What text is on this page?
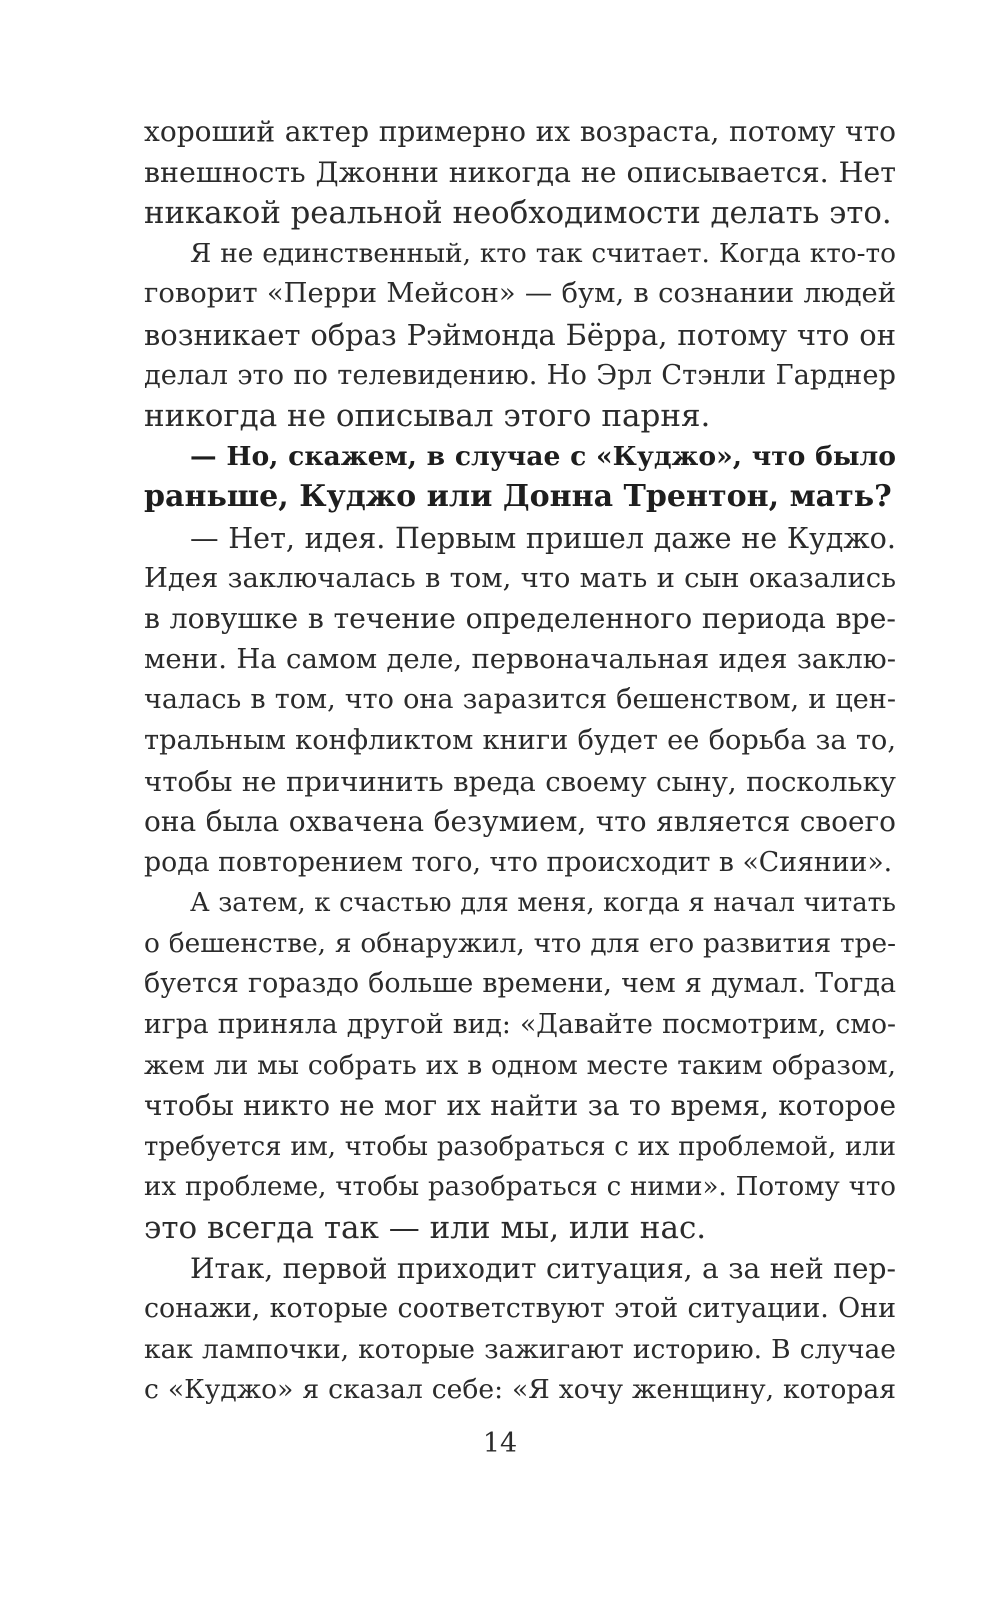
хороший актер примерно их возраста, потому что
внешность Джонни никогда не описывается. Нет
никакой реальной необходимости делать это.
Я не единственный, кто так считает. Когда кто-то
говорит «Перри Мейсон» — бум, в сознании людей
возникает образ Рэймонда Бёрра, потому что он
делал это по телевидению. Но Эрл Стэнли Гарднер
никогда не описывал этого парня.
— Но, скажем, в случае с «Куджо», что было
раньше, Куджо или Донна Трентон, мать?
— Нет, идея. Первым пришел даже не Куджо.
Идея заключалась в том, что мать и сын оказались
в ловушке в течение определенного периода вре-
мени. На самом деле, первоначальная идея заклю-
чалась в том, что она заразится бешенством, и цен-
тральным конфликтом книги будет ее борьба за то,
чтобы не причинить вреда своему сыну, поскольку
она была охвачена безумием, что является своего
рода повторением того, что происходит в «Сиянии».
А затем, к счастью для меня, когда я начал читать
о бешенстве, я обнаружил, что для его развития тре-
буется гораздо больше времени, чем я думал. Тогда
игра приняла другой вид: «Давайте посмотрим, смо-
жем ли мы собрать их в одном месте таким образом,
чтобы никто не мог их найти за то время, которое
требуется им, чтобы разобраться с их проблемой, или
их проблеме, чтобы разобраться с ними». Потому что
это всегда так — или мы, или нас.
Итак, первой приходит ситуация, а за ней пер-
сонажи, которые соответствуют этой ситуации. Они
как лампочки, которые зажигают историю. В случае
с «Куджо» я сказал себе: «Я хочу женщину, которая
14
